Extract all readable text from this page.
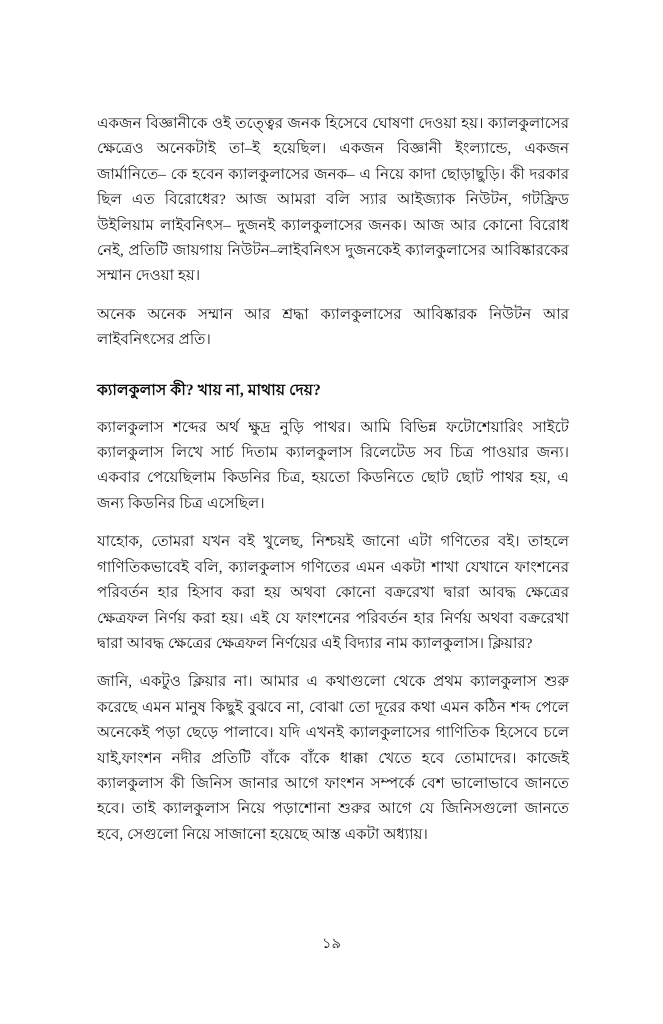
একজন বিজ্ঞানীকে ওই তত্ত্বের জনক হিসেবে ঘোষণা দেওয়া হয়। ক্যালকুলাসের ক্ষেত্রেও অনেকটাই তা–ই হয়েছিল। একজন বিজ্ঞানী ইংল্যান্ডে, একজন জার্মানিতে– কে হবেন ক্যালকুলাসের জনক– এ নিয়ে কাদা ছোড়াছুড়ি। কী দরকার ছিল এত বিরোধের? আজ আমরা বলি স্যার আইজ্যাক নিউটন, গটফ্রিড উইলিয়াম লাইবনিৎস– দুজনই ক্যালকুলাসের জনক। আজ আর কোনো বিরোধ নেই, প্রতিটি জায়গায় নিউটন–লাইবনিৎস দুজনকেই ক্যালকুলাসের আবিষ্কারকের সম্মান দেওয়া হয়।

অনেক অনেক সম্মান আর শ্রদ্ধা ক্যালকুলাসের আবিষ্কারক নিউটন আর লাইবনিৎসের প্রতি।

ক্যালকুলাস কী? খায় না, মাথায় দেয়?

ক্যালকুলাস শব্দের অর্থ ক্ষুদ্র নুড়ি পাথর। আমি বিভিন্ন ফটোশেয়ারিং সাইটে ক্যালকুলাস লিখে সার্চ দিতাম ক্যালকুলাস রিলেটেড সব চিত্র পাওয়ার জন্য। একবার পেয়েছিলাম কিডনির চিত্র, হয়তো কিডনিতে ছোট ছোট পাথর হয়, এ জন্য কিডনির চিত্র এসেছিল।

যাহোক, তোমরা যখন বই খুলেছ, নিশ্চয়ই জানো এটা গণিতের বই। তাহলে গাণিতিকভাবেই বলি, ক্যালকুলাস গণিতের এমন একটা শাখা যেখানে ফাংশনের পরিবর্তন হার হিসাব করা হয় অথবা কোনো বক্ররেখা দ্বারা আবদ্ধ ক্ষেত্রের ক্ষেত্রফল নির্ণয় করা হয়। এই যে ফাংশনের পরিবর্তন হার নির্ণয় অথবা বক্ররেখা দ্বারা আবদ্ধ ক্ষেত্রের ক্ষেত্রফল নির্ণয়ের এই বিদ্যার নাম ক্যালকুলাস। ক্লিয়ার?

জানি, একটুও ক্লিয়ার না। আমার এ কথাগুলো থেকে প্রথম ক্যালকুলাস শুরু করেছে এমন মানুষ কিছুই বুঝবে না, বোঝা তো দূরের কথা এমন কঠিন শব্দ পেলে অনেকেই পড়া ছেড়ে পালাবে। যদি এখনই ক্যালকুলাসের গাণিতিক হিসেবে চলে যাই,ফাংশন নদীর প্রতিটি বাঁকে বাঁকে ধাক্কা খেতে হবে তোমাদের। কাজেই ক্যালকুলাস কী জিনিস জানার আগে ফাংশন সম্পর্কে বেশ ভালোভাবে জানতে হবে। তাই ক্যালকুলাস নিয়ে পড়াশোনা শুরুর আগে যে জিনিসগুলো জানতে হবে, সেগুলো নিয়ে সাজানো হয়েছে আস্ত একটা অধ্যায়।

১৯
